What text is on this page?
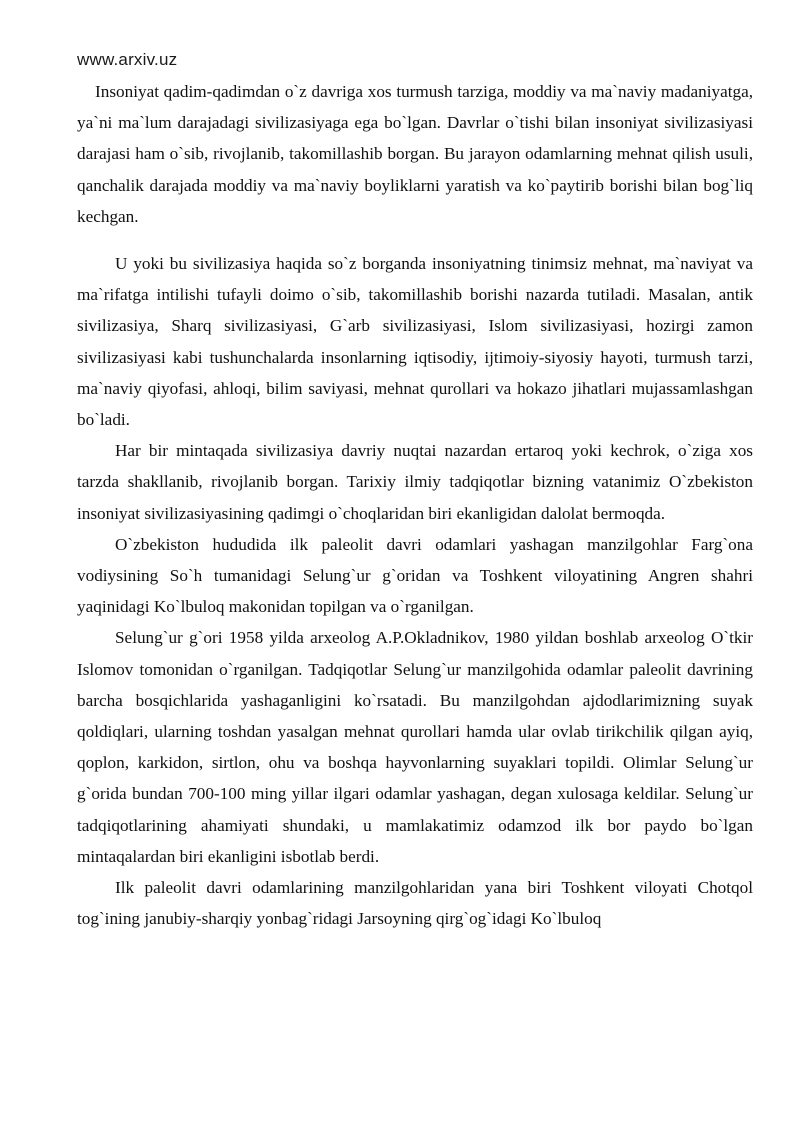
www.arxiv.uz

Insoniyat qadim-qadimdan o`z davriga xos turmush tarziga, moddiy va ma`naviy madaniyatga, ya`ni ma`lum darajadagi sivilizasiyaga ega bo`lgan. Davrlar o`tishi bilan insoniyat sivilizasiyasi darajasi ham o`sib, rivojlanib, takomillashib borgan. Bu jarayon odamlarning mehnat qilish usuli, qanchalik darajada moddiy va ma`naviy boyliklarni yaratish va ko`paytirib borishi bilan bog`liq kechgan.

U yoki bu sivilizasiya haqida so`z borganda insoniyatning tinimsiz mehnat, ma`naviyat va ma`rifatga intilishi tufayli doimo o`sib, takomillashib borishi nazarda tutiladi. Masalan, antik sivilizasiya, Sharq sivilizasiyasi, G`arb sivilizasiyasi, Islom sivilizasiyasi, hozirgi zamon sivilizasiyasi kabi tushunchalarda insonlarning iqtisodiy, ijtimoiy-siyosiy hayoti, turmush tarzi, ma`naviy qiyofasi, ahloqi, bilim saviyasi, mehnat qurollari va hokazo jihatlari mujassamlashgan bo`ladi.

Har bir mintaqada sivilizasiya davriy nuqtai nazardan ertaroq yoki kechrok, o`ziga xos tarzda shakllanib, rivojlanib borgan. Tarixiy ilmiy tadqiqotlar bizning vatanimiz O`zbekiston insoniyat sivilizasiyasining qadimgi o`choqlaridan biri ekanligidan dalolat bermoqda.

O`zbekiston hududida ilk paleolit davri odamlari yashagan manzilgohlar Farg`ona vodiysining So`h tumanidagi Selung`ur g`oridan va Toshkent viloyatining Angren shahri yaqinidagi Ko`lbuloq makonidan topilgan va o`rganilgan.

Selung`ur g`ori 1958 yilda arxeolog A.P.Okladnikov, 1980 yildan boshlab arxeolog O`tkir Islomov tomonidan o`rganilgan. Tadqiqotlar Selung`ur manzilgohida odamlar paleolit davrining barcha bosqichlarida yashaganligini ko`rsatadi. Bu manzilgohdan ajdodlarimizning suyak qoldiqlari, ularning toshdan yasalgan mehnat qurollari hamda ular ovlab tirikchilik qilgan ayiq, qoplon, karkidon, sirtlon, ohu va boshqa hayvonlarning suyaklari topildi. Olimlar Selung`ur g`orida bundan 700-100 ming yillar ilgari odamlar yashagan, degan xulosaga keldilar. Selung`ur tadqiqotlarining ahamiyati shundaki, u mamlakatimiz odamzod ilk bor paydo bo`lgan mintaqalardan biri ekanligini isbotlab berdi.

Ilk paleolit davri odamlarining manzilgohlaridan yana biri Toshkent viloyati Chotqol tog`ining janubiy-sharqiy yonbag`ridagi Jarsoyning qirg`og`idagi Ko`lbuloq
